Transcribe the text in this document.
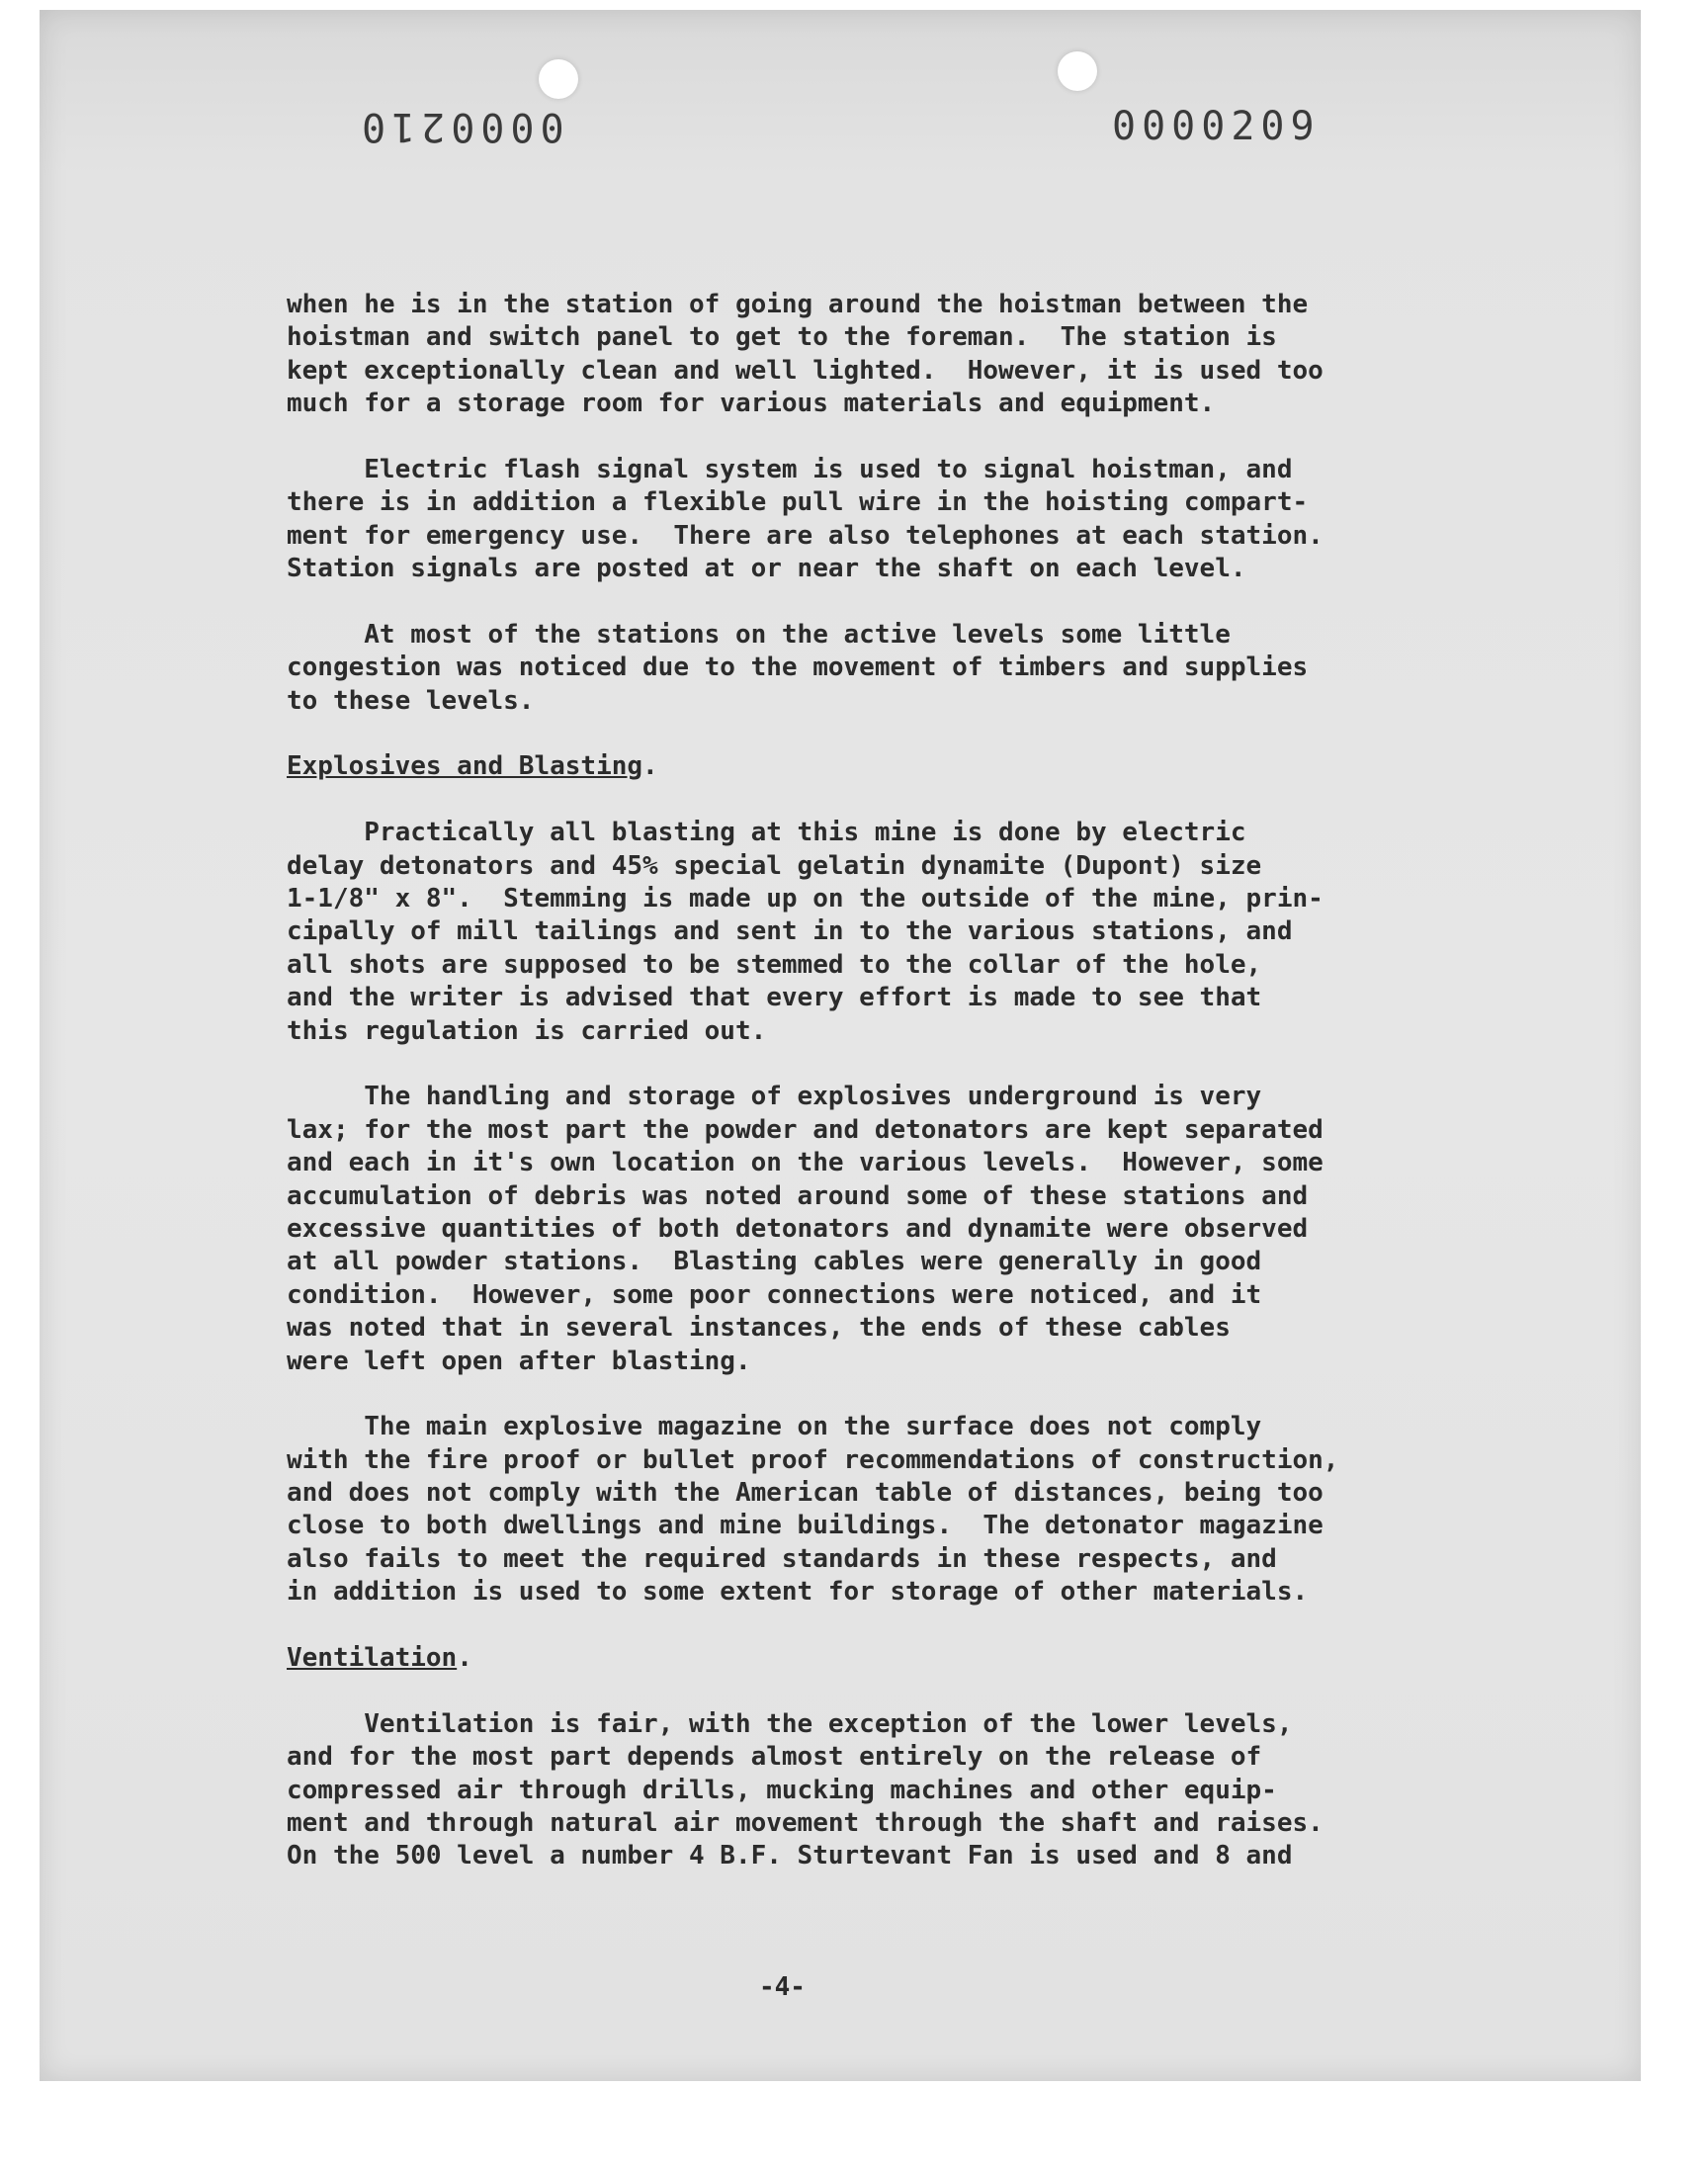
0000210	0000209
when he is in the station of going around the hoistman between the
hoistman and switch panel to get to the foreman.  The station is
kept exceptionally clean and well lighted.  However, it is used too
much for a storage room for various materials and equipment.
Electric flash signal system is used to signal hoistman, and
there is in addition a flexible pull wire in the hoisting compart-
ment for emergency use.  There are also telephones at each station.
Station signals are posted at or near the shaft on each level.
At most of the stations on the active levels some little
congestion was noticed due to the movement of timbers and supplies
to these levels.
Explosives and Blasting.
Practically all blasting at this mine is done by electric
delay detonators and 45% special gelatin dynamite (Dupont) size
1-1/8" x 8".  Stemming is made up on the outside of the mine, prin-
cipally of mill tailings and sent in to the various stations, and
all shots are supposed to be stemmed to the collar of the hole,
and the writer is advised that every effort is made to see that
this regulation is carried out.
The handling and storage of explosives underground is very
lax; for the most part the powder and detonators are kept separated
and each in it's own location on the various levels.  However, some
accumulation of debris was noted around some of these stations and
excessive quantities of both detonators and dynamite were observed
at all powder stations.  Blasting cables were generally in good
condition.  However, some poor connections were noticed, and it
was noted that in several instances, the ends of these cables
were left open after blasting.
The main explosive magazine on the surface does not comply
with the fire proof or bullet proof recommendations of construction,
and does not comply with the American table of distances, being too
close to both dwellings and mine buildings.  The detonator magazine
also fails to meet the required standards in these respects, and
in addition is used to some extent for storage of other materials.
Ventilation.
Ventilation is fair, with the exception of the lower levels,
and for the most part depends almost entirely on the release of
compressed air through drills, mucking machines and other equip-
ment and through natural air movement through the shaft and raises.
On the 500 level a number 4 B.F. Sturtevant Fan is used and 8 and
-4-
